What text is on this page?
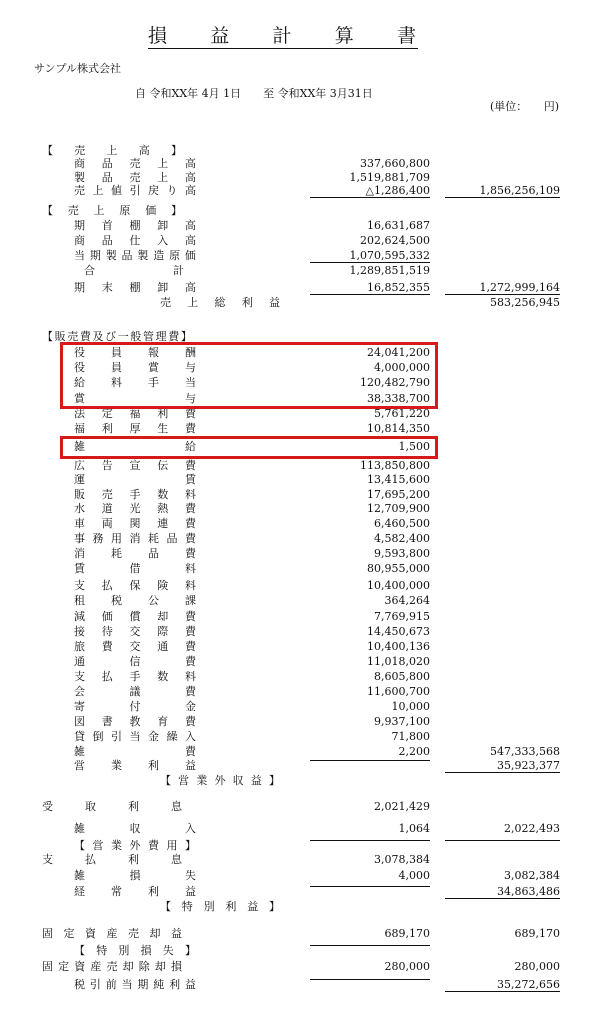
損 益 計 算 書
サンプル株式会社
自 令和XX年 4月 1日　　至 令和XX年 3月31日
(単位：　　円)
【 売 上 高 】
商 品 売 上 高	337,660,800
製 品 売 上 高	1,519,881,709
売 上 値 引 戻 り 高	△1,286,400	1,856,256,109
【 売 上 原 価 】
期 首 棚 卸 高	16,631,687
商 品 仕 入 高	202,624,500
当 期 製 品 製 造 原 価	1,070,595,332
合	計	1,289,851,519
期 末 棚 卸 高	16,852,355	1,272,999,164
売 上 総 利 益	583,256,945
【 販 売 費 及 び 一 般 管 理 費 】
役 員 報 酬	24,041,200
役 員 賞 与	4,000,000
給 料 手 当	120,482,790
賞	与	38,338,700
法 定 福 利 費	5,761,220
福 利 厚 生 費	10,814,350
雑	給	1,500
広 告 宣 伝 費	113,850,800
運	賃	13,415,600
販 売 手 数 料	17,695,200
水 道 光 熱 費	12,709,900
車 両 関 連 費	6,460,500
事 務 用 消 耗 品 費	4,582,400
消 耗 品 費	9,593,800
賃	借	料	80,955,000
支 払 保 険 料	10,400,000
租 税 公 課	364,264
減 価 償 却 費	7,769,915
接 待 交 際 費	14,450,673
旅 費 交 通 費	10,400,136
通	信	費	11,018,020
支 払 手 数 料	8,605,800
会	議	費	11,600,700
寄	付	金	10,000
図 書 教 育 費	9,937,100
貸 倒 引 当 金 繰 入	71,800
雑	費	2,200	547,333,568
営 業 利 益	35,923,377
【 営 業 外 収 益 】
受	取	利	息	2,021,429
雑	収	入	1,064	2,022,493
【 営 業 外 費 用 】
支	払	利	息	3,078,384
雑	損	失	4,000	3,082,384
経 常 利 益	34,863,486
【 特 別 利 益 】
固 定 資 産 売 却 益	689,170	689,170
【 特 別 損 失 】
固 定 資 産 売 却 除 却 損	280,000	280,000
税 引 前 当 期 純 利 益	35,272,656
